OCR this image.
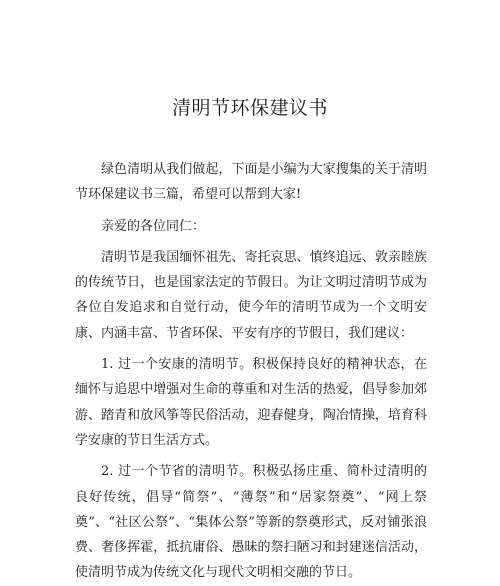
清明节环保建议书

绿色清明从我们做起，下面是小编为大家搜集的关于清明节环保建议书三篇，希望可以帮到大家!

亲爱的各位同仁：

清明节是我国缅怀祖先、寄托哀思、慎终追远、敦亲睦族的传统节日，也是国家法定的节假日。为让文明过清明节成为各位自发追求和自觉行动，使今年的清明节成为一个文明安康、内涵丰富、节省环保、平安有序的节假日，我们建议：

1. 过一个安康的清明节。积极保持良好的精神状态，在缅怀与追思中增强对生命的尊重和对生活的热爱，倡导参加郊游、踏青和放风筝等民俗活动，迎春健身，陶冶情操，培育科学安康的节日生活方式。

2. 过一个节省的清明节。积极弘扬庄重、简朴过清明的良好传统，倡导“简祭”、“薄祭”和“居家祭奠”、“网上祭奠”、“社区公祭”、“集体公祭”等新的祭奠形式，反对铺张浪费、奢侈挥霍，抵抗庸俗、愚昧的祭扫陋习和封建迷信活动，使清明节成为传统文化与现代文明相交融的节日。
